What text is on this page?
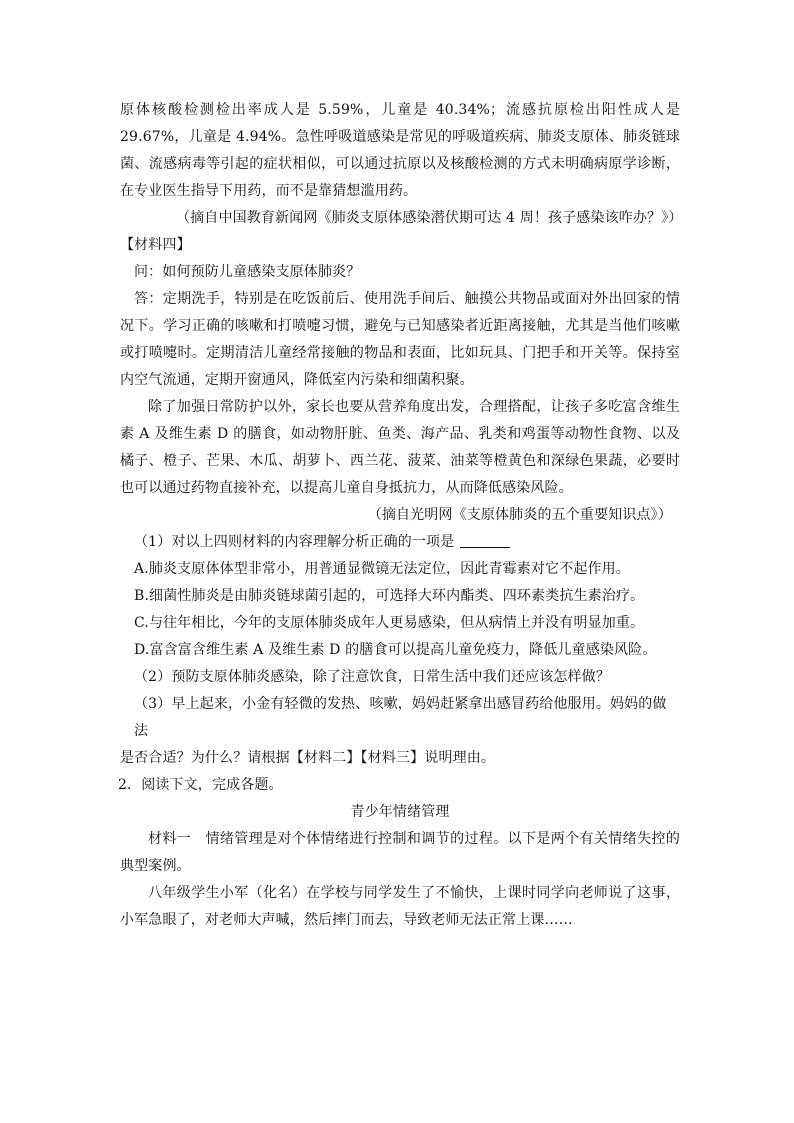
原体核酸检测检出率成人是 5.59%，儿童是 40.34%；流感抗原检出阳性成人是 29.67%，儿童是 4.94%。急性呼吸道感染是常见的呼吸道疾病、肺炎支原体、肺炎链球菌、流感病毒等引起的症状相似，可以通过抗原以及核酸检测的方式未明确病原学诊断，在专业医生指导下用药，而不是靠猜想滥用药。

（摘自中国教育新闻网《肺炎支原体感染潜伏期可达 4 周！孩子感染该咋办？》）

【材料四】

问：如何预防儿童感染支原体肺炎？

答：定期洗手，特别是在吃饭前后、使用洗手间后、触摸公共物品或面对外出回家的情况下。学习正确的咳嗽和打喷嚏习惯，避免与已知感染者近距离接触，尤其是当他们咳嗽或打喷嚏时。定期清洁儿童经常接触的物品和表面，比如玩具、门把手和开关等。保持室内空气流通，定期开窗通风，降低室内污染和细菌积聚。

除了加强日常防护以外，家长也要从营养角度出发，合理搭配，让孩子多吃富含维生素 A 及维生素 D 的膳食，如动物肝脏、鱼类、海产品、乳类和鸡蛋等动物性食物、以及橘子、橙子、芒果、木瓜、胡萝卜、西兰花、菠菜、油菜等橙黄色和深绿色果蔬，必要时也可以通过药物直接补充，以提高儿童自身抵抗力，从而降低感染风险。

（摘自光明网《支原体肺炎的五个重要知识点》）

（1）对以上四则材料的内容理解分析正确的一项是

A.肺炎支原体体型非常小，用普通显微镜无法定位，因此青霉素对它不起作用。

B.细菌性肺炎是由肺炎链球菌引起的，可选择大环内酯类、四环素类抗生素治疗。

C.与往年相比，今年的支原体肺炎成年人更易感染，但从病情上并没有明显加重。

D.富含富含维生素 A 及维生素 D 的膳食可以提高儿童免疫力，降低儿童感染风险。

（2）预防支原体肺炎感染，除了注意饮食，日常生活中我们还应该怎样做？

（3）早上起来，小金有轻微的发热、咳嗽，妈妈赶紧拿出感冒药给他服用。妈妈的做法

是否合适？为什么？请根据【材料二】【材料三】说明理由。

2．阅读下文，完成各题。

青少年情绪管理

材料一　情绪管理是对个体情绪进行控制和调节的过程。以下是两个有关情绪失控的典型案例。

八年级学生小军（化名）在学校与同学发生了不愉快，上课时同学向老师说了这事，小军急眼了，对老师大声喊，然后摔门而去，导致老师无法正常上课……
